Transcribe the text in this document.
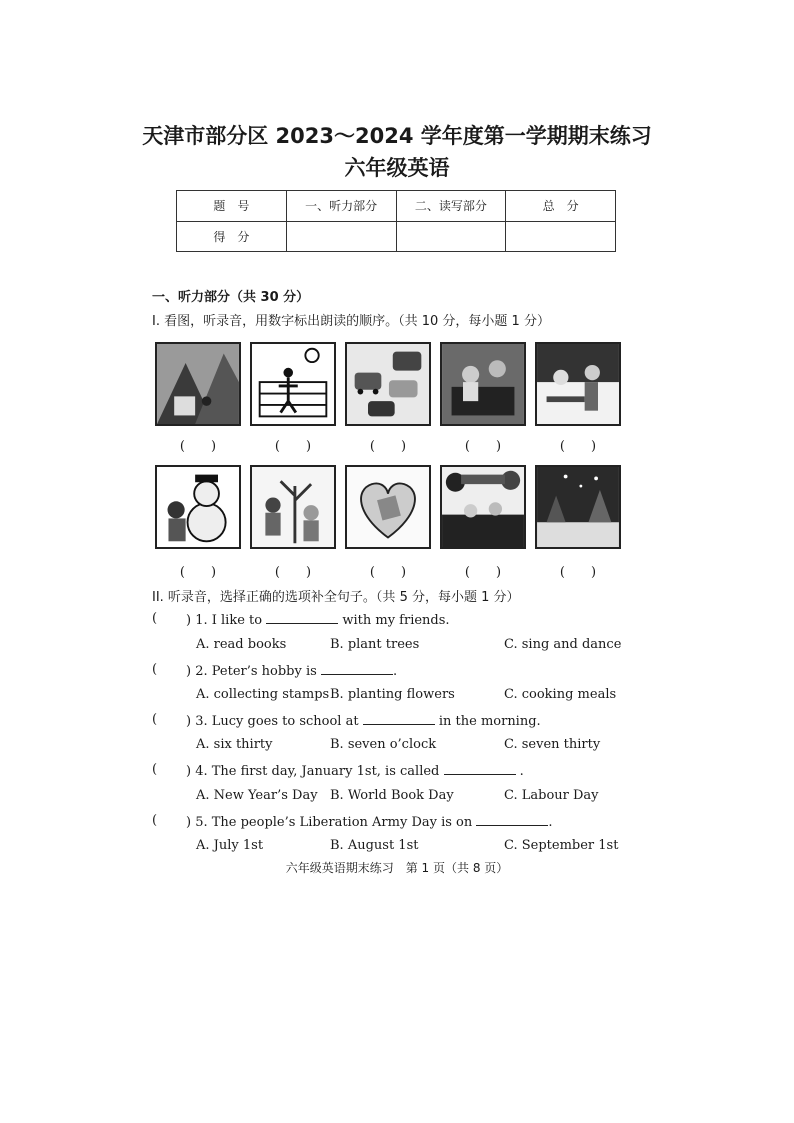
天津市部分区 2023～2024 学年度第一学期期末练习
六年级英语
题　号	一、听力部分	二、读写部分	总　分
得　分			
一、听力部分（共 30 分）
I. 看图，听录音，用数字标出朗读的顺序。（共 10 分，每小题 1 分）
(　　)	(　　)	(　　)	(　　)	(　　)
(　　)	(　　)	(　　)	(　　)	(　　)
II. 听录音，选择正确的选项补全句子。（共 5 分，每小题 1 分）
( ) 1. I like to	with my friends.
A. read books	B. plant trees	C. sing and dance
( ) 2. Peter’s hobby is	.
A. collecting stamps B. planting flowers	C. cooking meals
( ) 3. Lucy goes to school at	in the morning.
A. six thirty	B. seven o’clock	C. seven thirty
( ) 4. The first day, January 1st, is called	.
A. New Year’s Day B. World Book Day	C. Labour Day
( ) 5. The people’s Liberation Army Day is on	.
A. July 1st	B. August 1st	C. September 1st
六年级英语期末练习　第 1 页（共 8 页）
